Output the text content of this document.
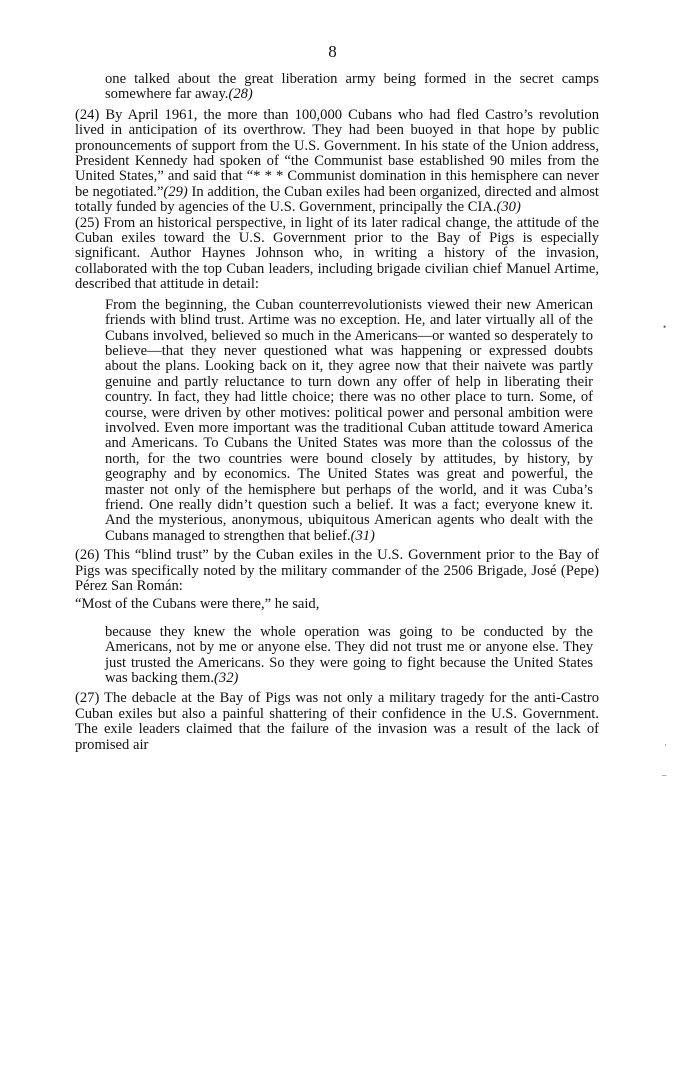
8

one talked about the great liberation army being formed in the secret camps somewhere far away.(28)

(24) By April 1961, the more than 100,000 Cubans who had fled Castro’s revolution lived in anticipation of its overthrow. They had been buoyed in that hope by public pronouncements of support from the U.S. Government. In his state of the Union address, President Kennedy had spoken of “the Communist base established 90 miles from the United States,” and said that “* * * Communist domination in this hemisphere can never be negotiated.”(29) In addition, the Cuban exiles had been organized, directed and almost totally funded by agencies of the U.S. Government, principally the CIA.(30)

(25) From an historical perspective, in light of its later radical change, the attitude of the Cuban exiles toward the U.S. Government prior to the Bay of Pigs is especially significant. Author Haynes Johnson who, in writing a history of the invasion, collaborated with the top Cuban leaders, including brigade civilian chief Manuel Artime, described that attitude in detail:

From the beginning, the Cuban counterrevolutionists viewed their new American friends with blind trust. Artime was no exception. He, and later virtually all of the Cubans involved, believed so much in the Americans—or wanted so desperately to believe—that they never questioned what was happening or expressed doubts about the plans. Looking back on it, they agree now that their naivete was partly genuine and partly reluctance to turn down any offer of help in liberating their country. In fact, they had little choice; there was no other place to turn. Some, of course, were driven by other motives: political power and personal ambition were involved. Even more important was the traditional Cuban attitude toward America and Americans. To Cubans the United States was more than the colossus of the north, for the two countries were bound closely by attitudes, by history, by geography and by economics. The United States was great and powerful, the master not only of the hemisphere but perhaps of the world, and it was Cuba’s friend. One really didn’t question such a belief. It was a fact; everyone knew it. And the mysterious, anonymous, ubiquitous American agents who dealt with the Cubans managed to strengthen that belief.(31)

(26) This “blind trust” by the Cuban exiles in the U.S. Government prior to the Bay of Pigs was specifically noted by the military commander of the 2506 Brigade, José (Pepe) Pérez San Román:

“Most of the Cubans were there,” he said,

because they knew the whole operation was going to be conducted by the Americans, not by me or anyone else. They did not trust me or anyone else. They just trusted the Americans. So they were going to fight because the United States was backing them.(32)

(27) The debacle at the Bay of Pigs was not only a military tragedy for the anti-Castro Cuban exiles but also a painful shattering of their confidence in the U.S. Government. The exile leaders claimed that the failure of the invasion was a result of the lack of promised air

•
·
–
